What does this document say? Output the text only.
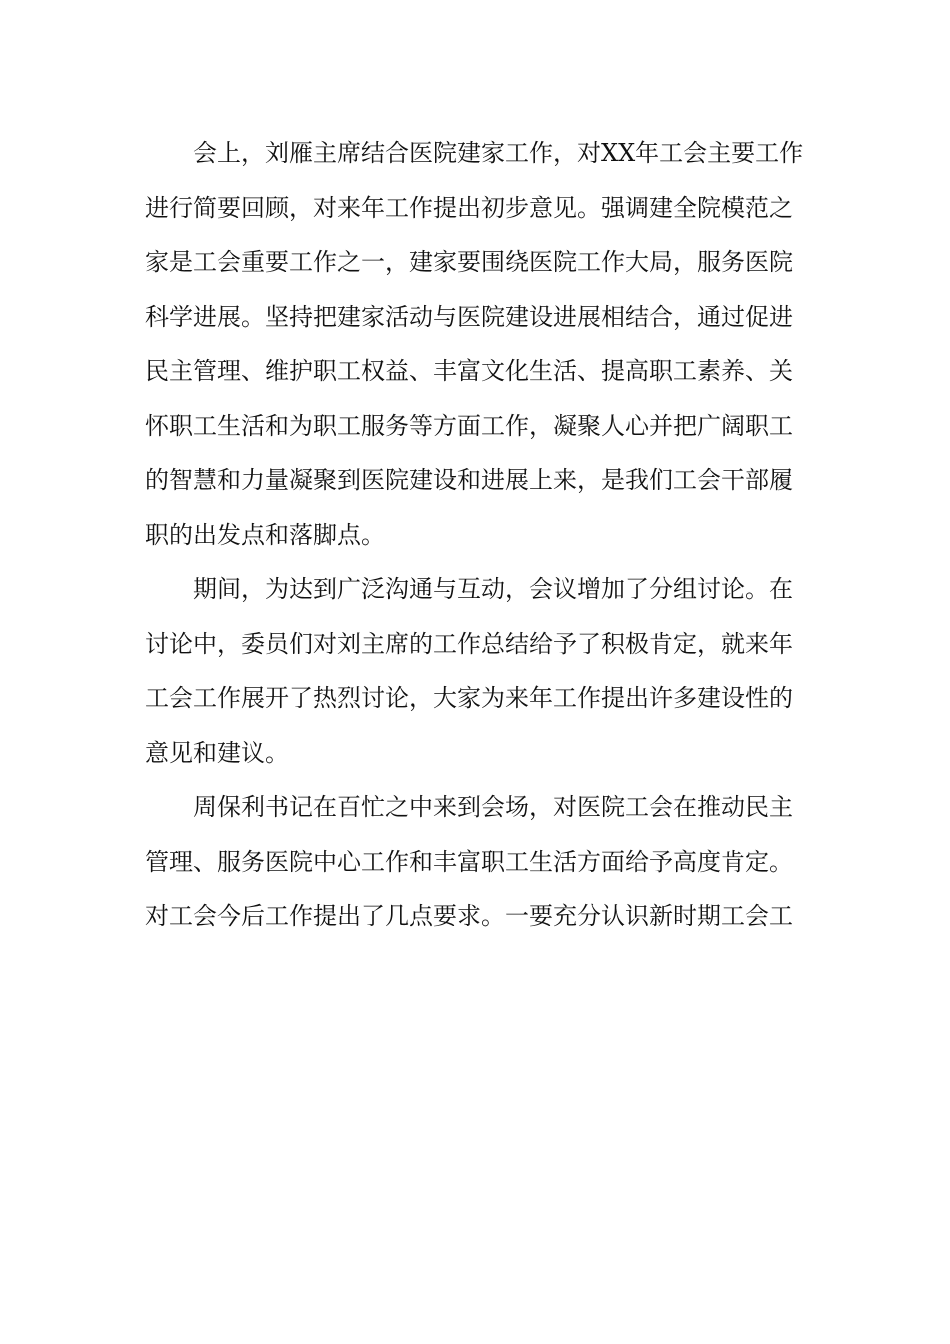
会上，刘雁主席结合医院建家工作，对XX年工会主要工作
进行简要回顾，对来年工作提出初步意见。强调建全院模范之
家是工会重要工作之一，建家要围绕医院工作大局，服务医院
科学进展。坚持把建家活动与医院建设进展相结合，通过促进
民主管理、维护职工权益、丰富文化生活、提高职工素养、关
怀职工生活和为职工服务等方面工作，凝聚人心并把广阔职工
的智慧和力量凝聚到医院建设和进展上来，是我们工会干部履
职的出发点和落脚点。
期间，为达到广泛沟通与互动，会议增加了分组讨论。在
讨论中，委员们对刘主席的工作总结给予了积极肯定，就来年
工会工作展开了热烈讨论，大家为来年工作提出许多建设性的
意见和建议。
周保利书记在百忙之中来到会场，对医院工会在推动民主
管理、服务医院中心工作和丰富职工生活方面给予高度肯定。
对工会今后工作提出了几点要求。一要充分认识新时期工会工
